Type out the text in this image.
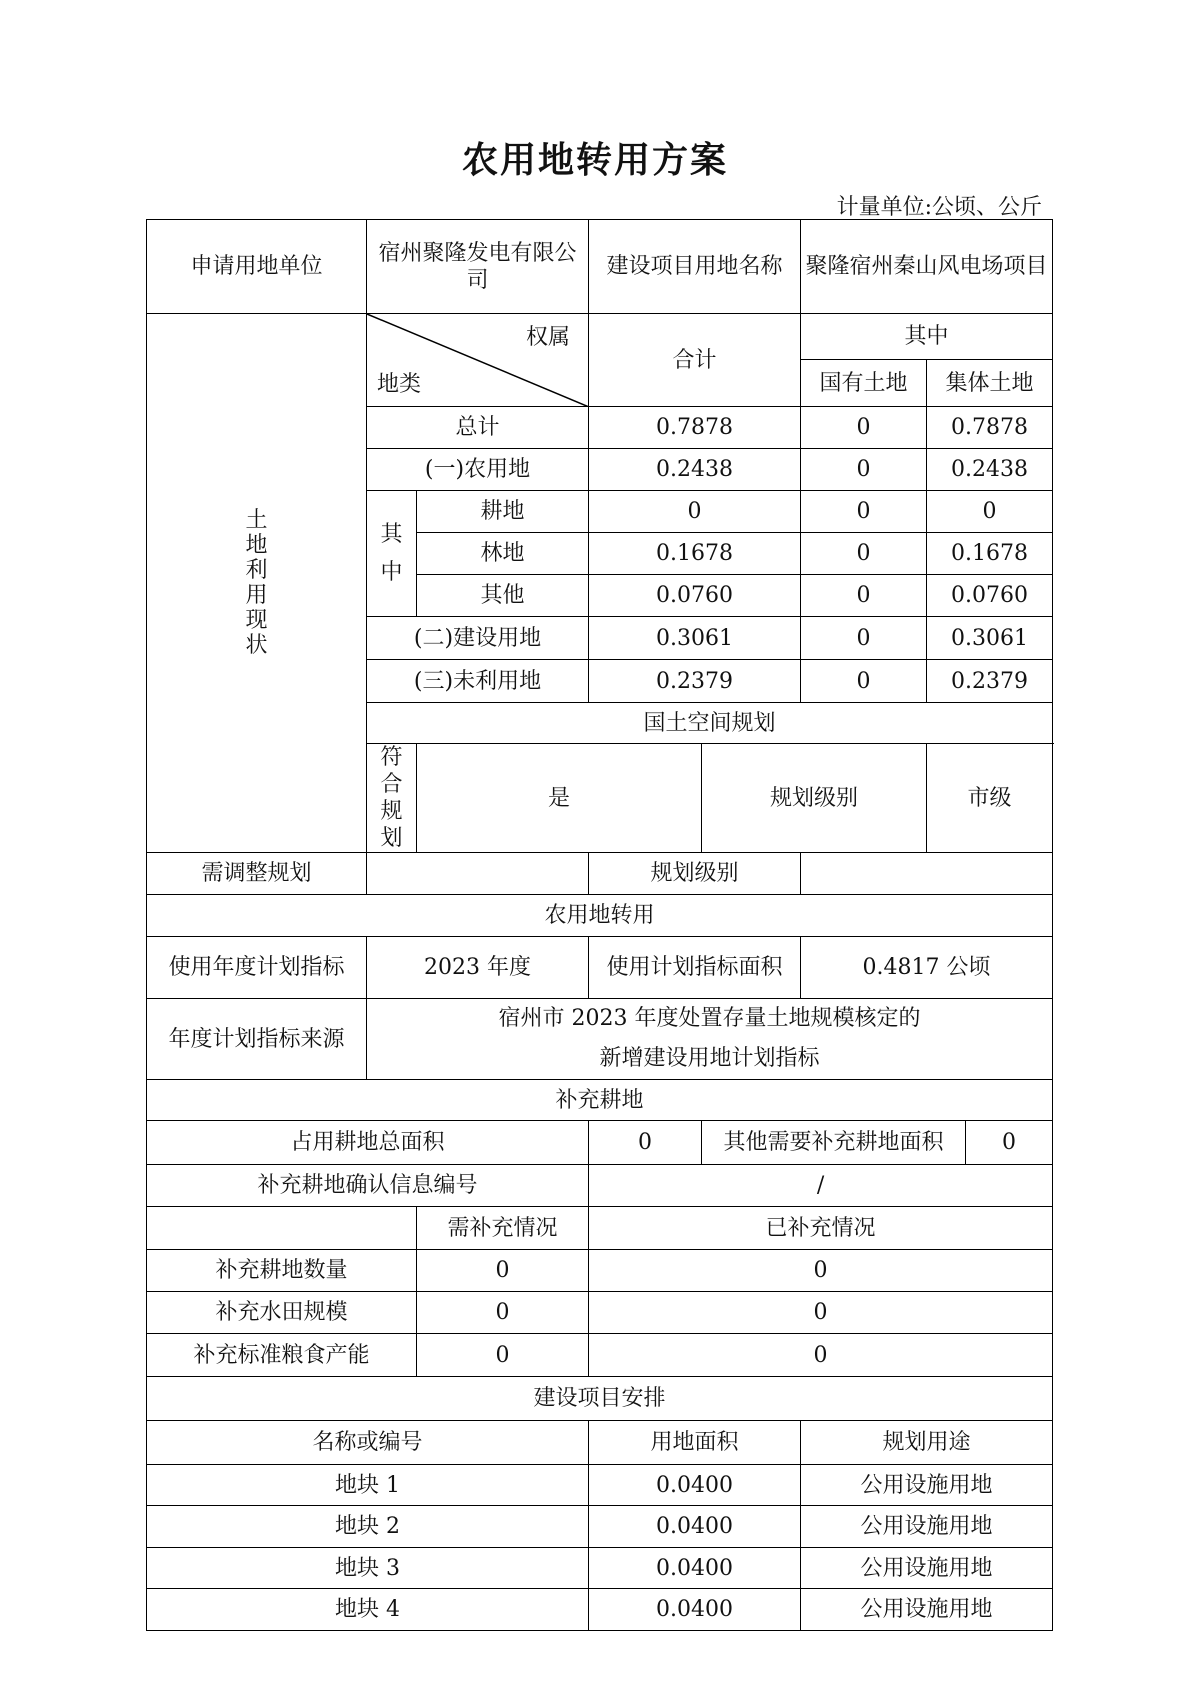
农用地转用方案
计量单位:公顷、公斤
申请用地单位	宿州聚隆发电有限公司		建设项目用地名称		聚隆宿州秦山风电场项目		
土地利用现状	权属
地类		合计		其中		
					国有土地	集体土地	
	总计		0.7878		0	0.7878	
	(一)农用地		0.2438		0	0.2438	
	其中	耕地	0		0	0	
		林地	0.1678		0	0.1678	
		其他	0.0760		0	0.0760	
	(二)建设用地		0.3061		0	0.3061	
	(三)未利用地		0.2379		0	0.2379	
	国土空间规划						
	符合规划	是		规划级别		市级	
需调整规划			规划级别				
农用地转用							
使用年度计划指标	2023 年度		使用计划指标面积		0.4817 公顷		
年度计划指标来源	宿州市 2023 年度处置存量土地规模核定的
新增建设用地计划指标						

补充耕地							
占用耕地总面积			0	其他需要补充耕地面积			0
补充耕地确认信息编号			/				
		需补充情况	已补充情况				
补充耕地数量		0	0				
补充水田规模		0	0				
补充标准粮食产能		0	0				
建设项目安排							
名称或编号			用地面积		规划用途		
地块 1			0.0400		公用设施用地		
地块 2			0.0400		公用设施用地		
地块 3			0.0400		公用设施用地		
地块 4			0.0400		公用设施用地		
